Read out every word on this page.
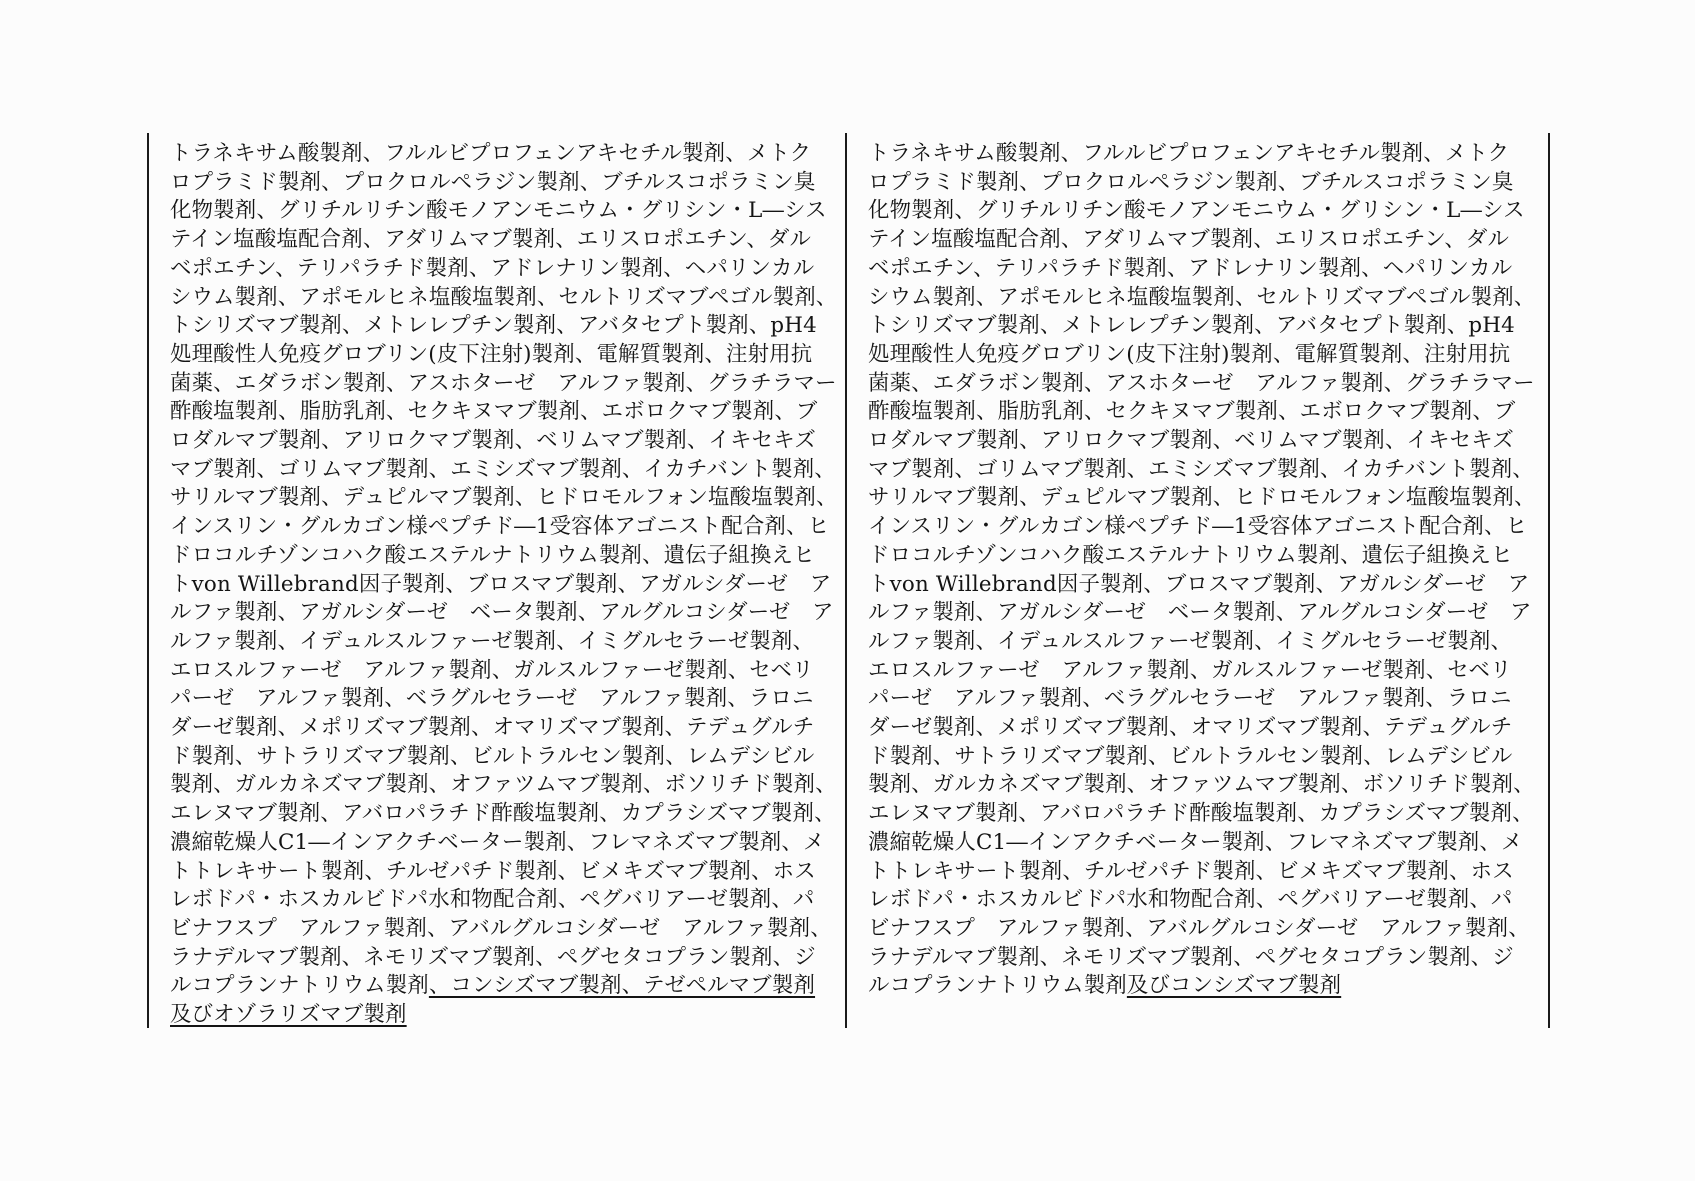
トラネキサム酸製剤、フルルビプロフェンアキセチル製剤、メトク
ロプラミド製剤、プロクロルペラジン製剤、ブチルスコポラミン臭
化物製剤、グリチルリチン酸モノアンモニウム・グリシン・L―シス
テイン塩酸塩配合剤、アダリムマブ製剤、エリスロポエチン、ダル
ベポエチン、テリパラチド製剤、アドレナリン製剤、ヘパリンカル
シウム製剤、アポモルヒネ塩酸塩製剤、セルトリズマブペゴル製剤、
トシリズマブ製剤、メトレレプチン製剤、アバタセプト製剤、pH4
処理酸性人免疫グロブリン(皮下注射)製剤、電解質製剤、注射用抗
菌薬、エダラボン製剤、アスホターゼ　アルファ製剤、グラチラマー
酢酸塩製剤、脂肪乳剤、セクキヌマブ製剤、エボロクマブ製剤、ブ
ロダルマブ製剤、アリロクマブ製剤、ベリムマブ製剤、イキセキズ
マブ製剤、ゴリムマブ製剤、エミシズマブ製剤、イカチバント製剤、
サリルマブ製剤、デュピルマブ製剤、ヒドロモルフォン塩酸塩製剤、
インスリン・グルカゴン様ペプチド―1受容体アゴニスト配合剤、ヒ
ドロコルチゾンコハク酸エステルナトリウム製剤、遺伝子組換えヒ
トvon Willebrand因子製剤、ブロスマブ製剤、アガルシダーゼ　ア
ルファ製剤、アガルシダーゼ　ベータ製剤、アルグルコシダーゼ　ア
ルファ製剤、イデュルスルファーゼ製剤、イミグルセラーゼ製剤、
エロスルファーゼ　アルファ製剤、ガルスルファーゼ製剤、セベリ
パーゼ　アルファ製剤、ベラグルセラーゼ　アルファ製剤、ラロニ
ダーゼ製剤、メポリズマブ製剤、オマリズマブ製剤、テデュグルチ
ド製剤、サトラリズマブ製剤、ビルトラルセン製剤、レムデシビル
製剤、ガルカネズマブ製剤、オファツムマブ製剤、ボソリチド製剤、
エレヌマブ製剤、アバロパラチド酢酸塩製剤、カプラシズマブ製剤、
濃縮乾燥人C1―インアクチベーター製剤、フレマネズマブ製剤、メ
トトレキサート製剤、チルゼパチド製剤、ビメキズマブ製剤、ホス
レボドパ・ホスカルビドパ水和物配合剤、ペグバリアーゼ製剤、パ
ビナフスプ　アルファ製剤、アバルグルコシダーゼ　アルファ製剤、
ラナデルマブ製剤、ネモリズマブ製剤、ペグセタコプラン製剤、ジ
ルコプランナトリウム製剤、コンシズマブ製剤、テゼペルマブ製剤
及びオゾラリズマブ製剤
トラネキサム酸製剤、フルルビプロフェンアキセチル製剤、メトク
ロプラミド製剤、プロクロルペラジン製剤、ブチルスコポラミン臭
化物製剤、グリチルリチン酸モノアンモニウム・グリシン・L―シス
テイン塩酸塩配合剤、アダリムマブ製剤、エリスロポエチン、ダル
ベポエチン、テリパラチド製剤、アドレナリン製剤、ヘパリンカル
シウム製剤、アポモルヒネ塩酸塩製剤、セルトリズマブペゴル製剤、
トシリズマブ製剤、メトレレプチン製剤、アバタセプト製剤、pH4
処理酸性人免疫グロブリン(皮下注射)製剤、電解質製剤、注射用抗
菌薬、エダラボン製剤、アスホターゼ　アルファ製剤、グラチラマー
酢酸塩製剤、脂肪乳剤、セクキヌマブ製剤、エボロクマブ製剤、ブ
ロダルマブ製剤、アリロクマブ製剤、ベリムマブ製剤、イキセキズ
マブ製剤、ゴリムマブ製剤、エミシズマブ製剤、イカチバント製剤、
サリルマブ製剤、デュピルマブ製剤、ヒドロモルフォン塩酸塩製剤、
インスリン・グルカゴン様ペプチド―1受容体アゴニスト配合剤、ヒ
ドロコルチゾンコハク酸エステルナトリウム製剤、遺伝子組換えヒ
トvon Willebrand因子製剤、ブロスマブ製剤、アガルシダーゼ　ア
ルファ製剤、アガルシダーゼ　ベータ製剤、アルグルコシダーゼ　ア
ルファ製剤、イデュルスルファーゼ製剤、イミグルセラーゼ製剤、
エロスルファーゼ　アルファ製剤、ガルスルファーゼ製剤、セベリ
パーゼ　アルファ製剤、ベラグルセラーゼ　アルファ製剤、ラロニ
ダーゼ製剤、メポリズマブ製剤、オマリズマブ製剤、テデュグルチ
ド製剤、サトラリズマブ製剤、ビルトラルセン製剤、レムデシビル
製剤、ガルカネズマブ製剤、オファツムマブ製剤、ボソリチド製剤、
エレヌマブ製剤、アバロパラチド酢酸塩製剤、カプラシズマブ製剤、
濃縮乾燥人C1―インアクチベーター製剤、フレマネズマブ製剤、メ
トトレキサート製剤、チルゼパチド製剤、ビメキズマブ製剤、ホス
レボドパ・ホスカルビドパ水和物配合剤、ペグバリアーゼ製剤、パ
ビナフスプ　アルファ製剤、アバルグルコシダーゼ　アルファ製剤、
ラナデルマブ製剤、ネモリズマブ製剤、ペグセタコプラン製剤、ジ
ルコプランナトリウム製剤及びコンシズマブ製剤
